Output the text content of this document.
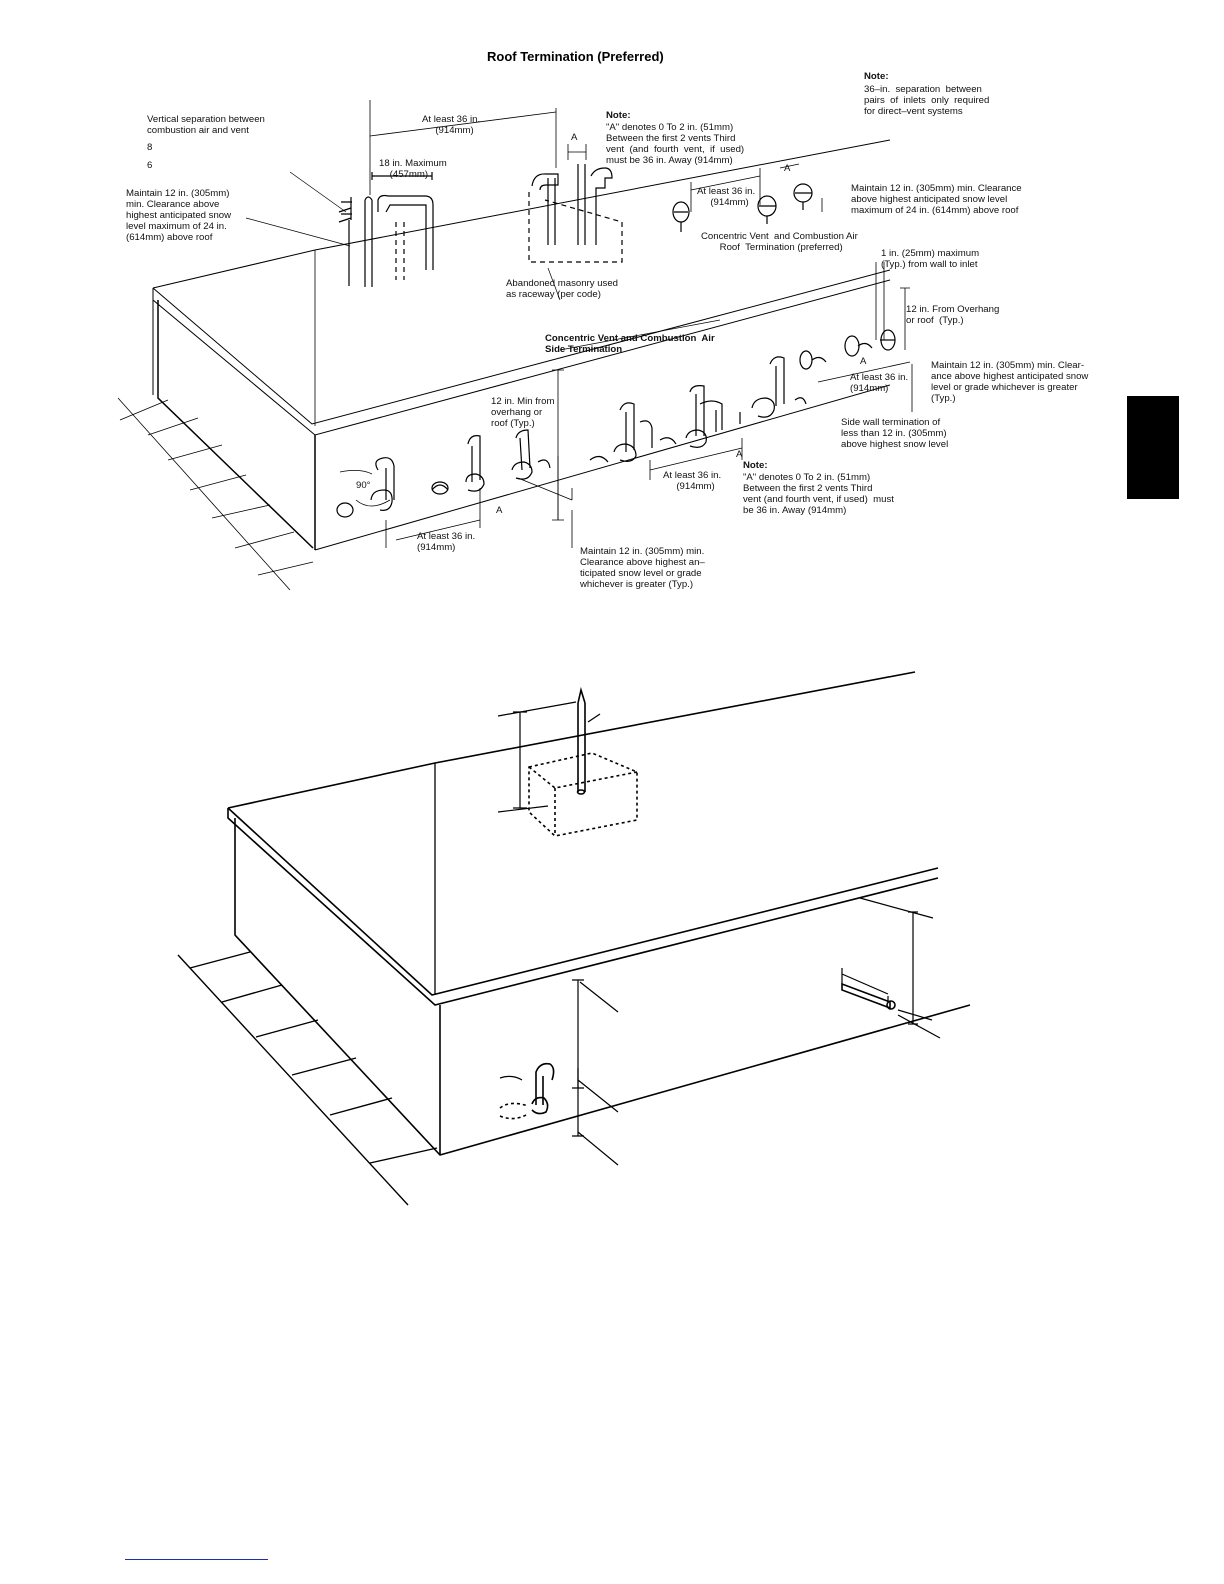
Roof Termination (Preferred)
Note:
36–in.  separation  between
pairs  of  inlets  only  required
for direct–vent systems
Vertical separation between
combustion air and vent
8
6
Maintain 12 in. (305mm)
min. Clearance above
highest anticipated snow
level maximum of 24 in.
(614mm) above roof
At least 36 in.
(914mm)
18 in. Maximum
(457mm)
Note:
"A" denotes 0 To 2 in. (51mm)
Between the first 2 vents Third
vent  (and  fourth  vent,  if  used)
must be 36 in. Away (914mm)
A
A
At least 36 in.
(914mm)
Maintain 12 in. (305mm) min. Clearance
above highest anticipated snow level
maximum of 24 in. (614mm) above roof
Concentric Vent  and Combustion Air
Roof  Termination (preferred)
Abandoned masonry used
as raceway (per code)
1 in. (25mm) maximum
(Typ.) from wall to inlet
12 in. From Overhang
or roof  (Typ.)
Concentric Vent and Combustion  Air
Side Termination
Maintain 12 in. (305mm) min. Clear-
ance above highest anticipated snow
level or grade whichever is greater
(Typ.)
At least 36 in.
(914mm)
A
12 in. Min from
overhang or
roof (Typ.)	Side wall termination of
less than 12 in. (305mm)
above highest snow level
90°
A
A
At least 36 in.
(914mm)
Note:
"A" denotes 0 To 2 in. (51mm)
Between the first 2 vents Third
vent (and fourth vent, if used)  must
be 36 in. Away (914mm)
At least 36 in.
(914mm)	Maintain 12 in. (305mm) min.
Clearance above highest an–
ticipated snow level or grade
whichever is greater (Typ.)
